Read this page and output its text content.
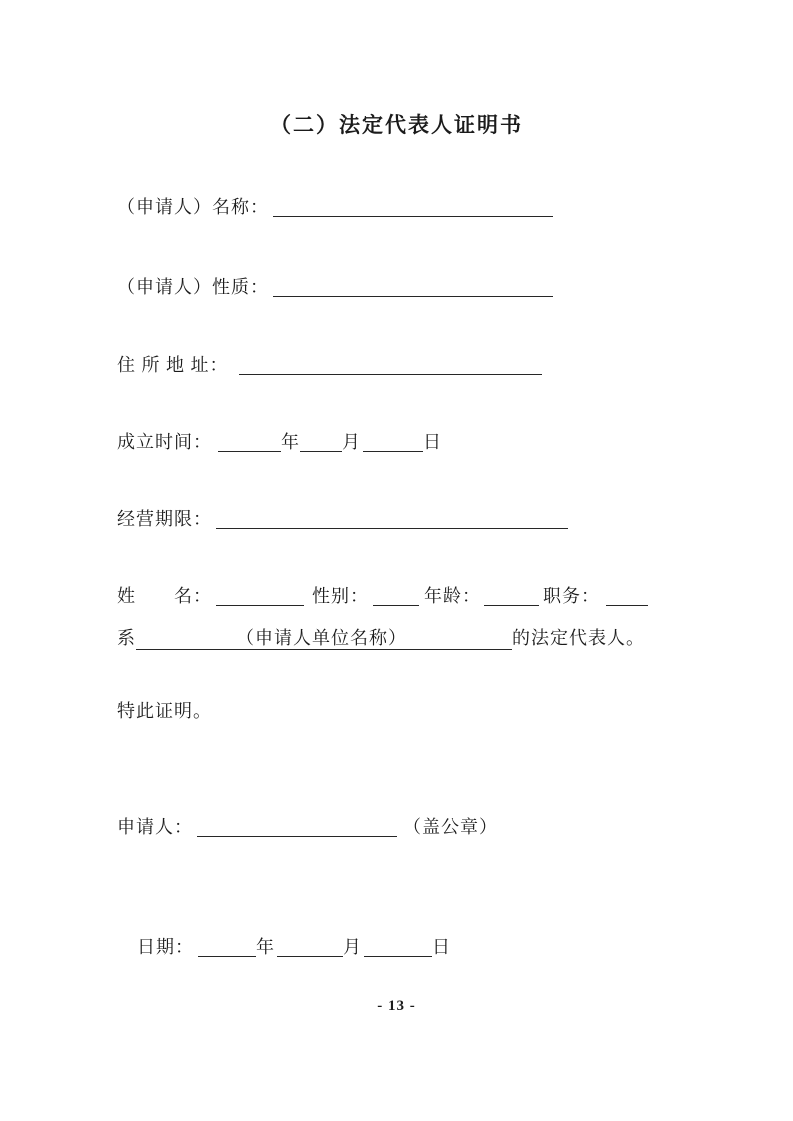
（二）法定代表人证明书
（申请人）名称：
（申请人）性质：
住 所 地 址：
成立时间：	年 月	日
经营期限：
姓　　名：	性别：	年龄：	职务：
系	（申请人单位名称）	的法定代表人。
特此证明。
申请人：	（盖公章）
日期：	年	月	日
- 13 -
